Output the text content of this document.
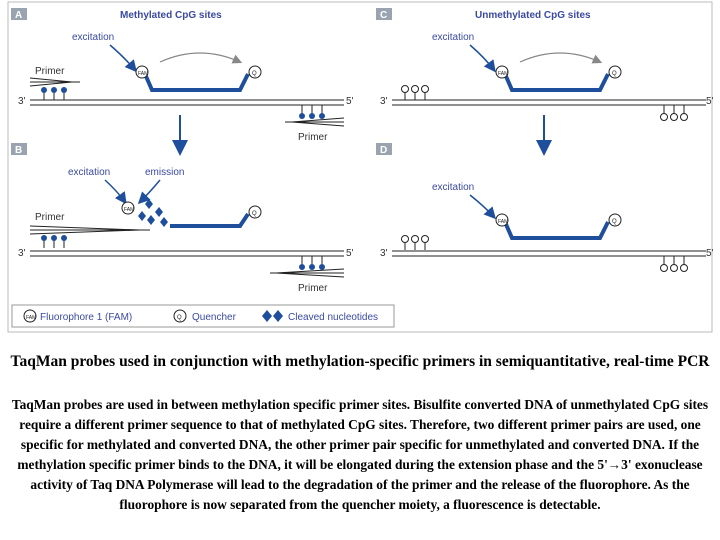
A	Methylated CpG sites
excitation
Primer	FAM	Q
3'	5'
Primer
B
excitation	emission
FAM
Primer	Q
3'	5'
Primer
C	Unmethylated CpG sites
excitation
FAM	Q
3'	5'
D
excitation
FAM	Q
3'	5'
FAM Fluorophore 1 (FAM)	Q Quencher	Cleaved nucleotides

TaqMan probes used in conjunction with methylation-specific primers in semiquantitative, real-time PCR

TaqMan probes are used in between methylation specific primer sites. Bisulfite converted DNA of unmethylated CpG sites require a different primer sequence to that of methylated CpG sites. Therefore, two different primer pairs are used, one specific for methylated and converted DNA, the other primer pair specific for unmethylated and converted DNA. If the methylation specific primer binds to the DNA, it will be elongated during the extension phase and the 5'→3' exonuclease activity of Taq DNA Polymerase will lead to the degradation of the primer and the release of the fluorophore. As the fluorophore is now separated from the quencher moiety, a fluorescence is detectable.
